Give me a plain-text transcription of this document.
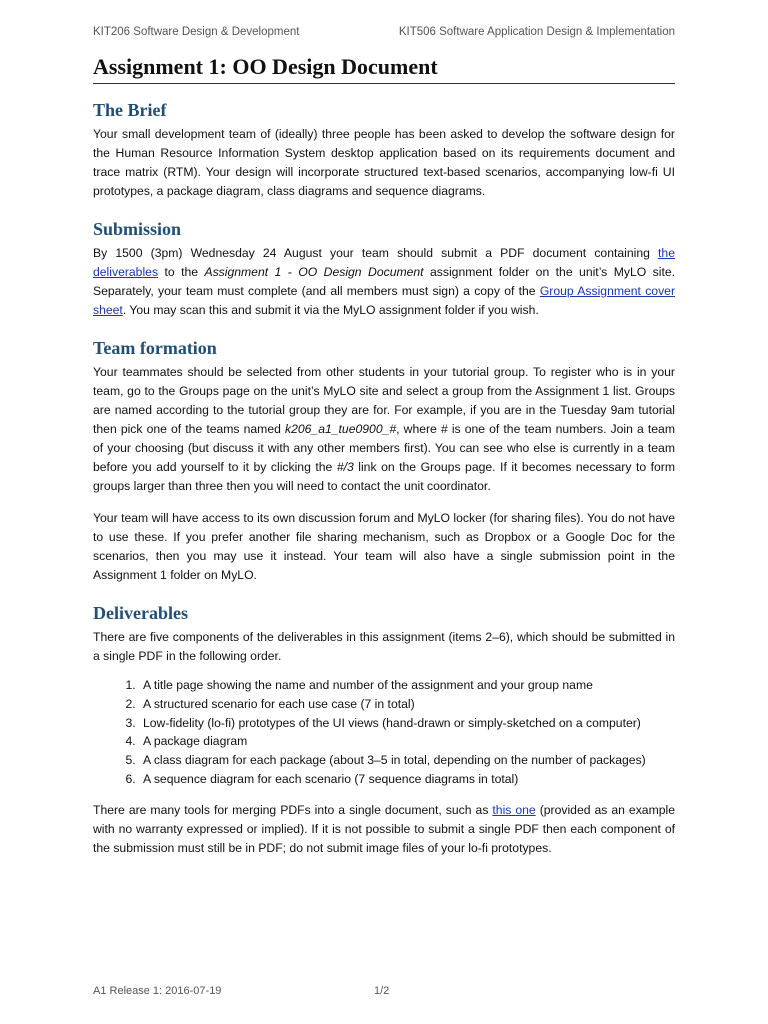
KIT206 Software Design & Development	KIT506 Software Application Design & Implementation
Assignment 1: OO Design Document
The Brief

Your small development team of (ideally) three people has been asked to develop the software design for the Human Resource Information System desktop application based on its requirements document and trace matrix (RTM). Your design will incorporate structured text-based scenarios, accompanying low-fi UI prototypes, a package diagram, class diagrams and sequence diagrams.

Submission

By 1500 (3pm) Wednesday 24 August your team should submit a PDF document containing the deliverables to the Assignment 1 - OO Design Document assignment folder on the unit’s MyLO site. Separately, your team must complete (and all members must sign) a copy of the Group Assignment cover sheet. You may scan this and submit it via the MyLO assignment folder if you wish.

Team formation

Your teammates should be selected from other students in your tutorial group. To register who is in your team, go to the Groups page on the unit’s MyLO site and select a group from the Assignment 1 list. Groups are named according to the tutorial group they are for. For example, if you are in the Tuesday 9am tutorial then pick one of the teams named k206_a1_tue0900_#, where # is one of the team numbers. Join a team of your choosing (but discuss it with any other members first). You can see who else is currently in a team before you add yourself to it by clicking the #/3 link on the Groups page. If it becomes necessary to form groups larger than three then you will need to contact the unit coordinator.

Your team will have access to its own discussion forum and MyLO locker (for sharing files). You do not have to use these. If you prefer another file sharing mechanism, such as Dropbox or a Google Doc for the scenarios, then you may use it instead. Your team will also have a single submission point in the Assignment 1 folder on MyLO.

Deliverables

There are five components of the deliverables in this assignment (items 2–6), which should be submitted in a single PDF in the following order.

1. A title page showing the name and number of the assignment and your group name
2. A structured scenario for each use case (7 in total)
3. Low-fidelity (lo-fi) prototypes of the UI views (hand-drawn or simply-sketched on a computer)
4. A package diagram
5. A class diagram for each package (about 3–5 in total, depending on the number of packages)
6. A sequence diagram for each scenario (7 sequence diagrams in total)

There are many tools for merging PDFs into a single document, such as this one (provided as an example with no warranty expressed or implied). If it is not possible to submit a single PDF then each component of the submission must still be in PDF; do not submit image files of your lo-fi prototypes.

A1 Release 1: 2016-07-19	1/2
